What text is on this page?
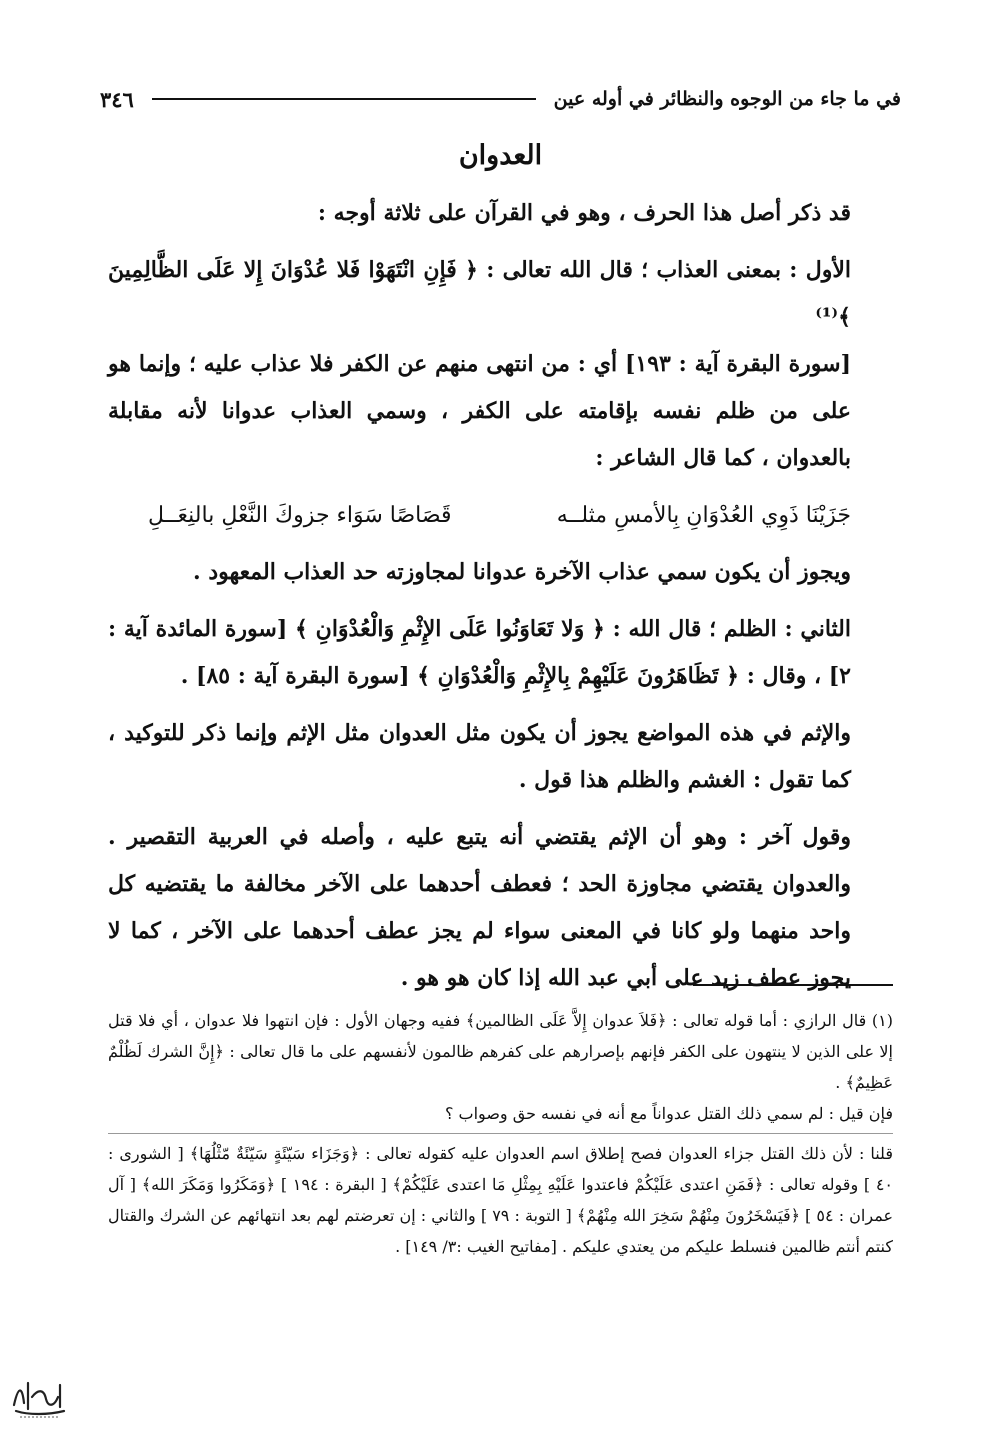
في ما جاء من الوجوه والنظائر في أوله عين
٣٤٦
العدوان

قد ذكر أصل هذا الحرف ، وهو في القرآن على ثلاثة أوجه :

الأول : بمعنى العذاب ؛ قال الله تعالى : ﴿ فَإِنِ انْتَهَوْا فَلا عُدْوَانَ إِلا عَلَى الظَّالِمِينَ ﴾⁽¹⁾

[سورة البقرة آية : ١٩٣] أي : من انتهى منهم عن الكفر فلا عذاب عليه ؛ وإنما هو على من ظلم نفسه بإقامته على الكفر ، وسمي العذاب عدوانا لأنه مقابلة بالعدوان ، كما قال الشاعر :

جَزَيْنَا ذَوِي العُدْوَانِ بِالأمسِ مثلــه
قَصَاصًا سَوَاء جزوكَ النَّعْلِ بالنِعَــلِ

ويجوز أن يكون سمي عذاب الآخرة عدوانا لمجاوزته حد العذاب المعهود .

الثاني : الظلم ؛ قال الله : ﴿ وَلا تَعَاوَنُوا عَلَى الإِثْمِ وَالْعُدْوَانِ ﴾ [سورة المائدة آية : ٢] ، وقال : ﴿ تَظَاهَرُونَ عَلَيْهِمْ بِالإِثْمِ وَالْعُدْوَانِ ﴾ [سورة البقرة آية : ٨٥] .

والإثم في هذه المواضع يجوز أن يكون مثل العدوان مثل الإثم وإنما ذكر للتوكيد ، كما تقول : الغشم والظلم هذا قول .

وقول آخر : وهو أن الإثم يقتضي أنه يتبع عليه ، وأصله في العربية التقصير . والعدوان يقتضي مجاوزة الحد ؛ فعطف أحدهما على الآخر مخالفة ما يقتضيه كل واحد منهما ولو كانا في المعنى سواء لم يجز عطف أحدهما على الآخر ، كما لا يجوز عطف زيد على أبي عبد الله إذا كان هو هو .

(١) قال الرازي : أما قوله تعالى : ﴿فَلاَ عدوان إِلاَّ عَلَى الظالمين﴾ ففيه وجهان الأول : فإن انتهوا فلا عدوان ، أي فلا قتل إلا على الذين لا ينتهون على الكفر فإنهم بإصرارهم على كفرهم ظالمون لأنفسهم على ما قال تعالى : ﴿إِنَّ الشرك لَظُلْمٌ عَظِيمٌ﴾ .

فإن قيل : لم سمي ذلك القتل عدواناً مع أنه في نفسه حق وصواب ؟

قلنا : لأن ذلك القتل جزاء العدوان فصح إطلاق اسم العدوان عليه كقوله تعالى : ﴿وَجَزَاء سَيّئَةٍ سَيّئَةٌ مّثْلُهَا﴾ [ الشورى : ٤٠ ] وقوله تعالى : ﴿فَمَنِ اعتدى عَلَيْكُمْ فاعتدوا عَلَيْهِ بِمِثْلِ مَا اعتدى عَلَيْكُمْ﴾ [ البقرة : ١٩٤ ] ﴿وَمَكَرُوا وَمَكَرَ الله﴾ [ آل عمران : ٥٤ ] ﴿فَيَسْخَرُونَ مِنْهُمْ سَخِرَ الله مِنْهُمْ﴾ [ التوبة : ٧٩ ] والثاني : إن تعرضتم لهم بعد انتهائهم عن الشرك والقتال كنتم أنتم ظالمين فنسلط عليكم من يعتدي عليكم . [مفاتيح الغيب :٣/ ١٤٩] .
